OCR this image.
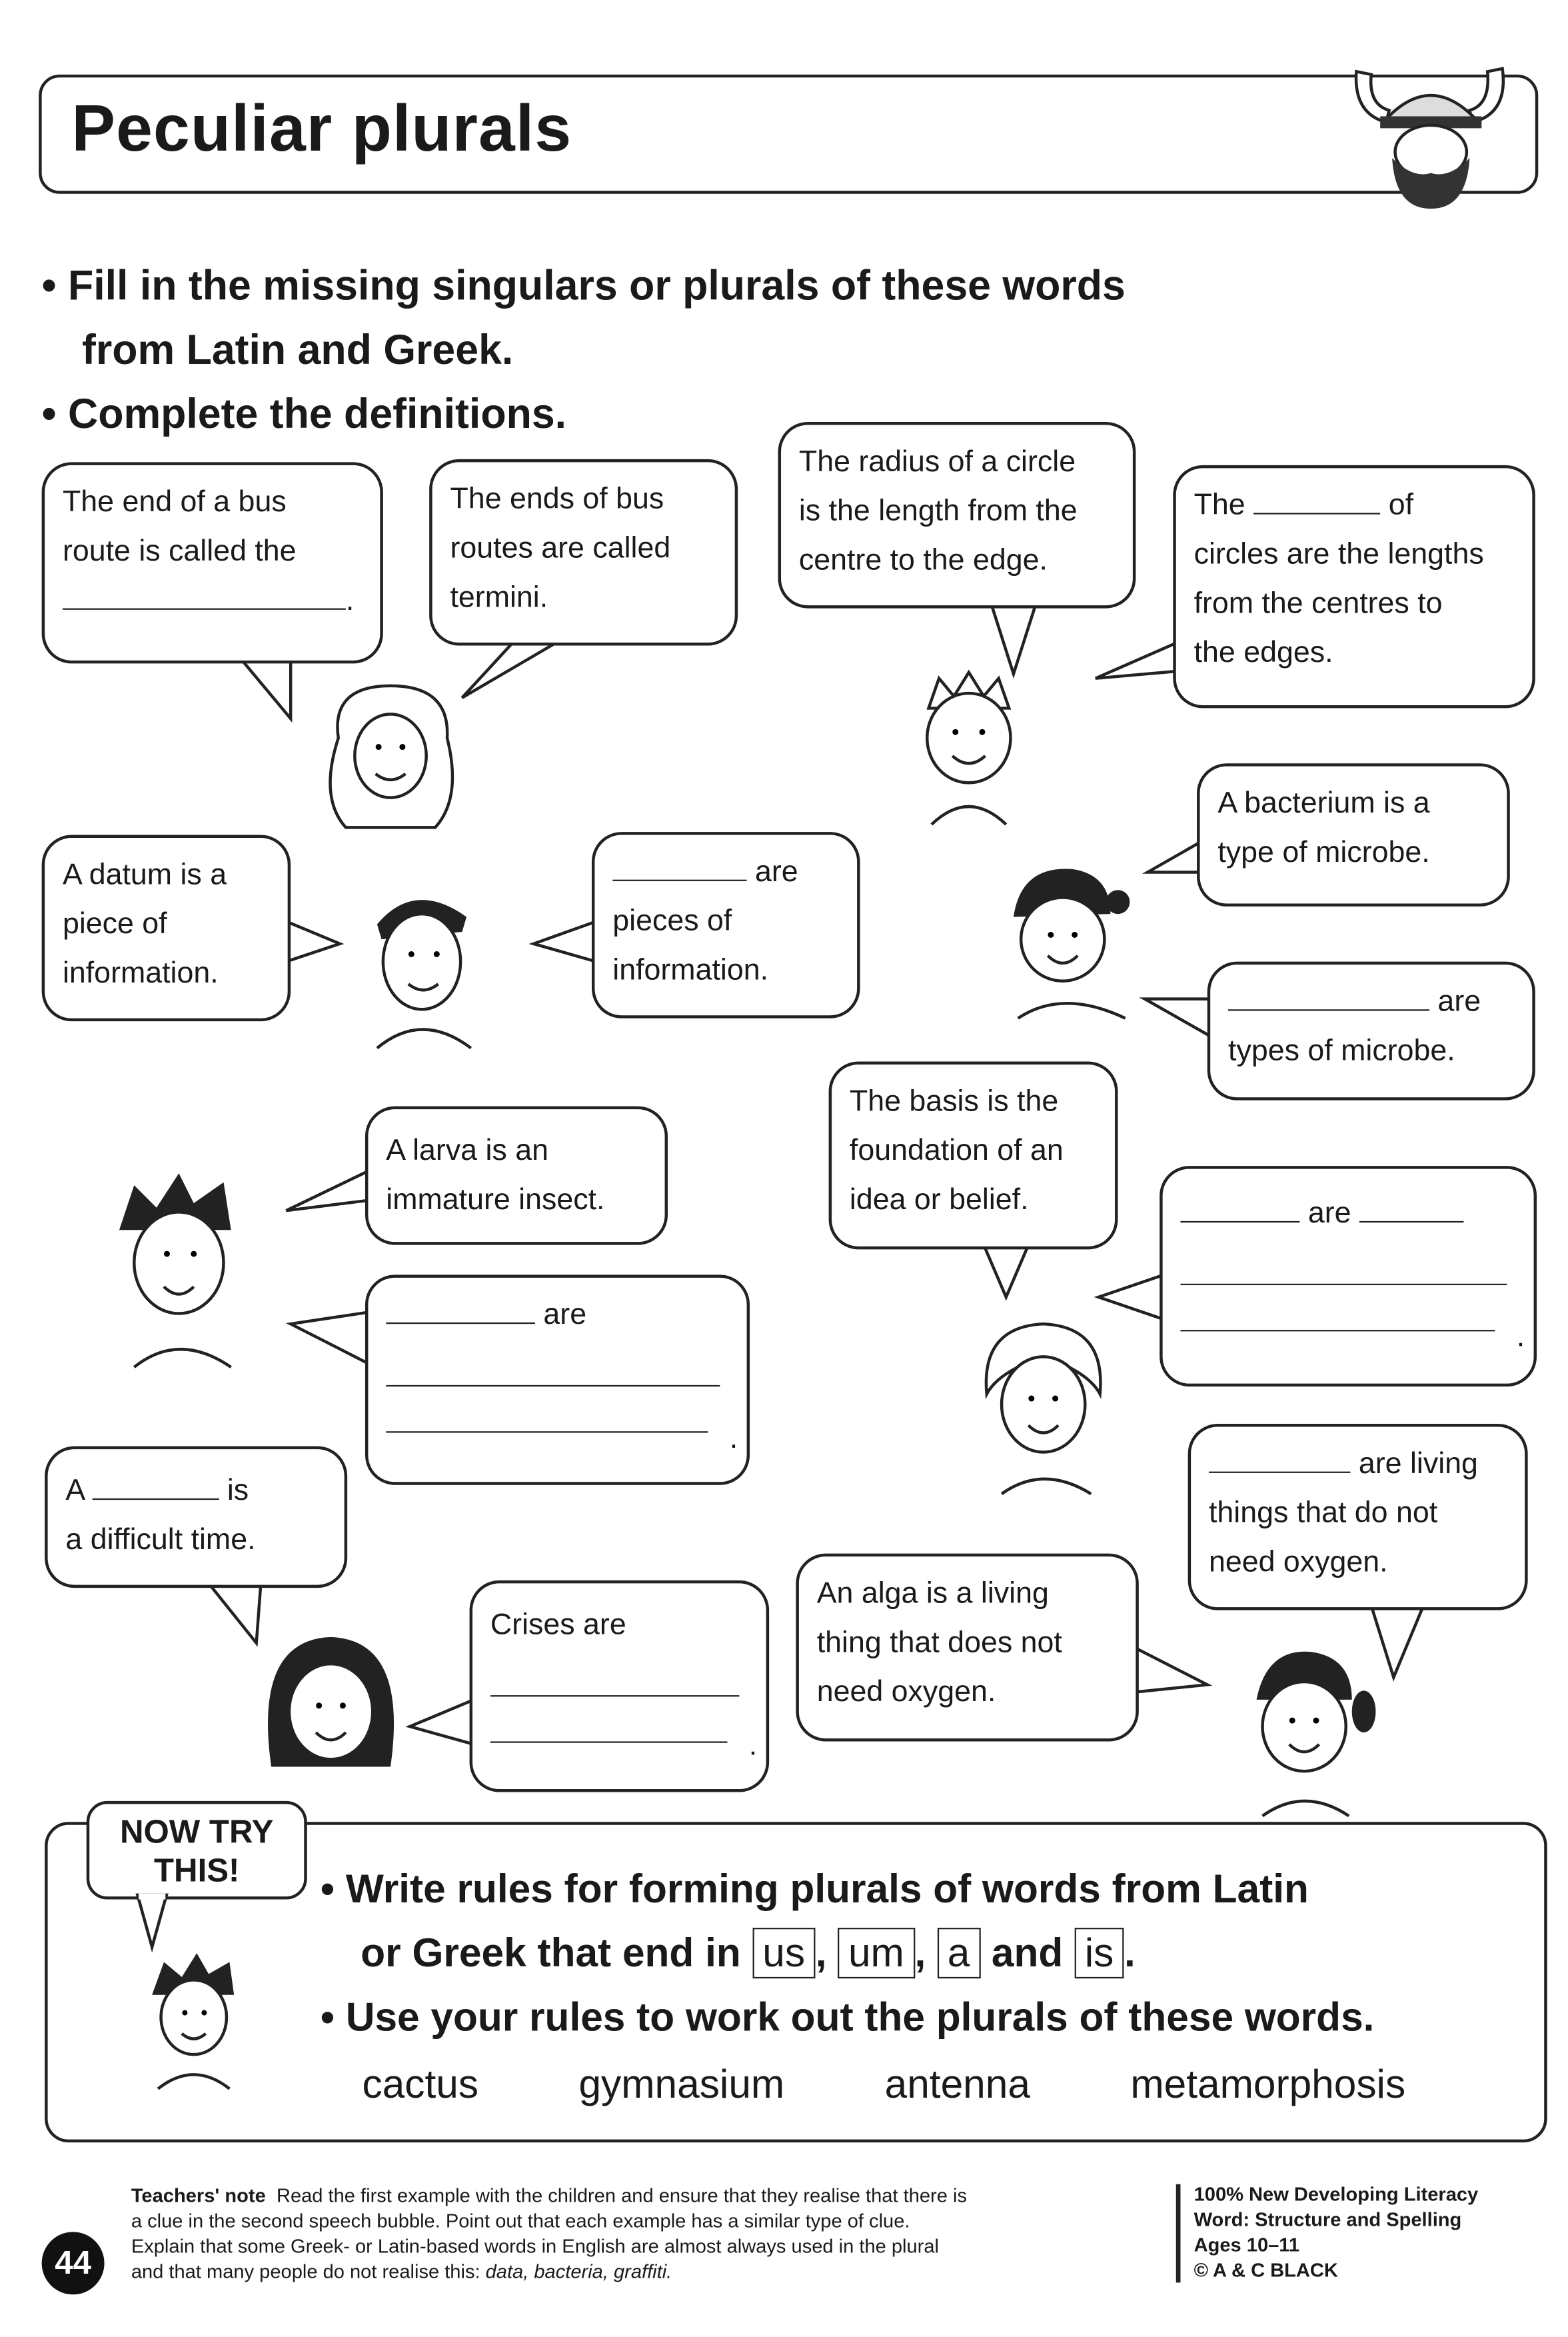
Peculiar plurals
• Fill in the missing singulars or plurals of these words
from Latin and Greek.
• Complete the definitions.
The end of a bus
route is called the
.
The ends of bus
routes are called
termini.
The radius of a circle
is the length from the
centre to the edge.
The	of
circles are the lengths
from the centres to
the edges.
A datum is a
piece of
information.
are
pieces of
information.
A bacterium is a
type of microbe.
are
types of microbe.
A larva is an
immature insect.
are
.
The basis is the
foundation of an
idea or belief.	are
.
A	is
a difficult time.
Crises are
.
An alga is a living
thing that does not
need oxygen.
are living
things that do not
need oxygen.
NOW TRY
THIS!	• Write rules for forming plurals of words from Latin
or Greek that end in us , um , a and is .
• Use your rules to work out the plurals of these words.
cactus	gymnasium	antenna	metamorphosis
44
Teachers' note Read the first example with the children and ensure that they realise that there is
a clue in the second speech bubble. Point out that each example has a similar type of clue.
Explain that some Greek- or Latin-based words in English are almost always used in the plural
and that many people do not realise this: data, bacteria, graffiti.
100% New Developing Literacy
Word: Structure and Spelling
Ages 10–11
© A & C BLACK
